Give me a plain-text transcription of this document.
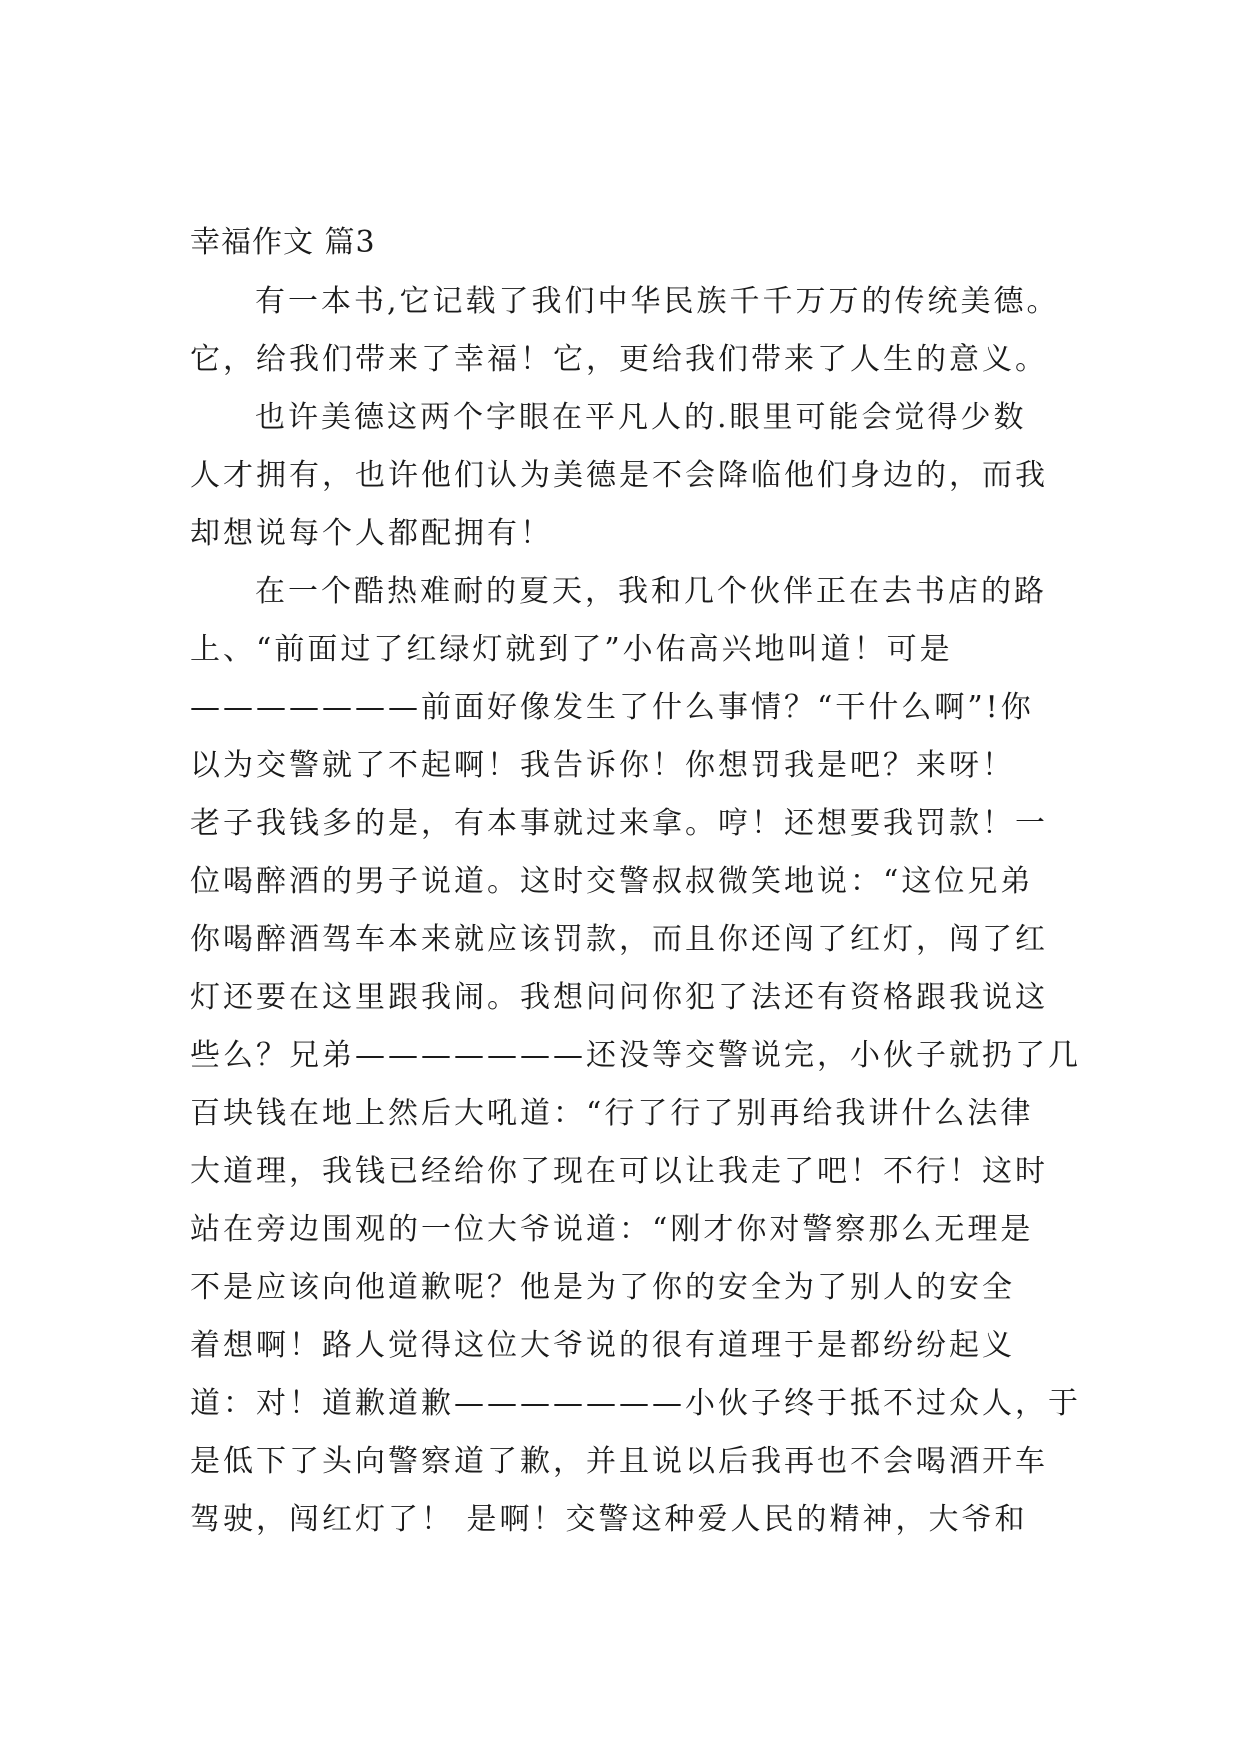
幸福作文 篇3

有一本书,它记载了我们中华民族千千万万的传统美德。

它，给我们带来了幸福！它，更给我们带来了人生的意义。

也许美德这两个字眼在平凡人的.眼里可能会觉得少数

人才拥有，也许他们认为美德是不会降临他们身边的，而我

却想说每个人都配拥有！

在一个酷热难耐的夏天，我和几个伙伴正在去书店的路

上、“前面过了红绿灯就到了”小佑高兴地叫道！可是

———————前面好像发生了什么事情？“干什么啊”!你

以为交警就了不起啊！我告诉你！你想罚我是吧？来呀！

老子我钱多的是，有本事就过来拿。哼！还想要我罚款！一

位喝醉酒的男子说道。这时交警叔叔微笑地说：“这位兄弟

你喝醉酒驾车本来就应该罚款，而且你还闯了红灯，闯了红

灯还要在这里跟我闹。我想问问你犯了法还有资格跟我说这

些么？兄弟———————还没等交警说完，小伙子就扔了几

百块钱在地上然后大吼道：“行了行了别再给我讲什么法律

大道理，我钱已经给你了现在可以让我走了吧！不行！这时

站在旁边围观的一位大爷说道：“刚才你对警察那么无理是

不是应该向他道歉呢？他是为了你的安全为了别人的安全

着想啊！路人觉得这位大爷说的很有道理于是都纷纷起义

道：对！道歉道歉———————小伙子终于抵不过众人，于

是低下了头向警察道了歉，并且说以后我再也不会喝酒开车

驾驶，闯红灯了！ 是啊！交警这种爱人民的精神，大爷和
